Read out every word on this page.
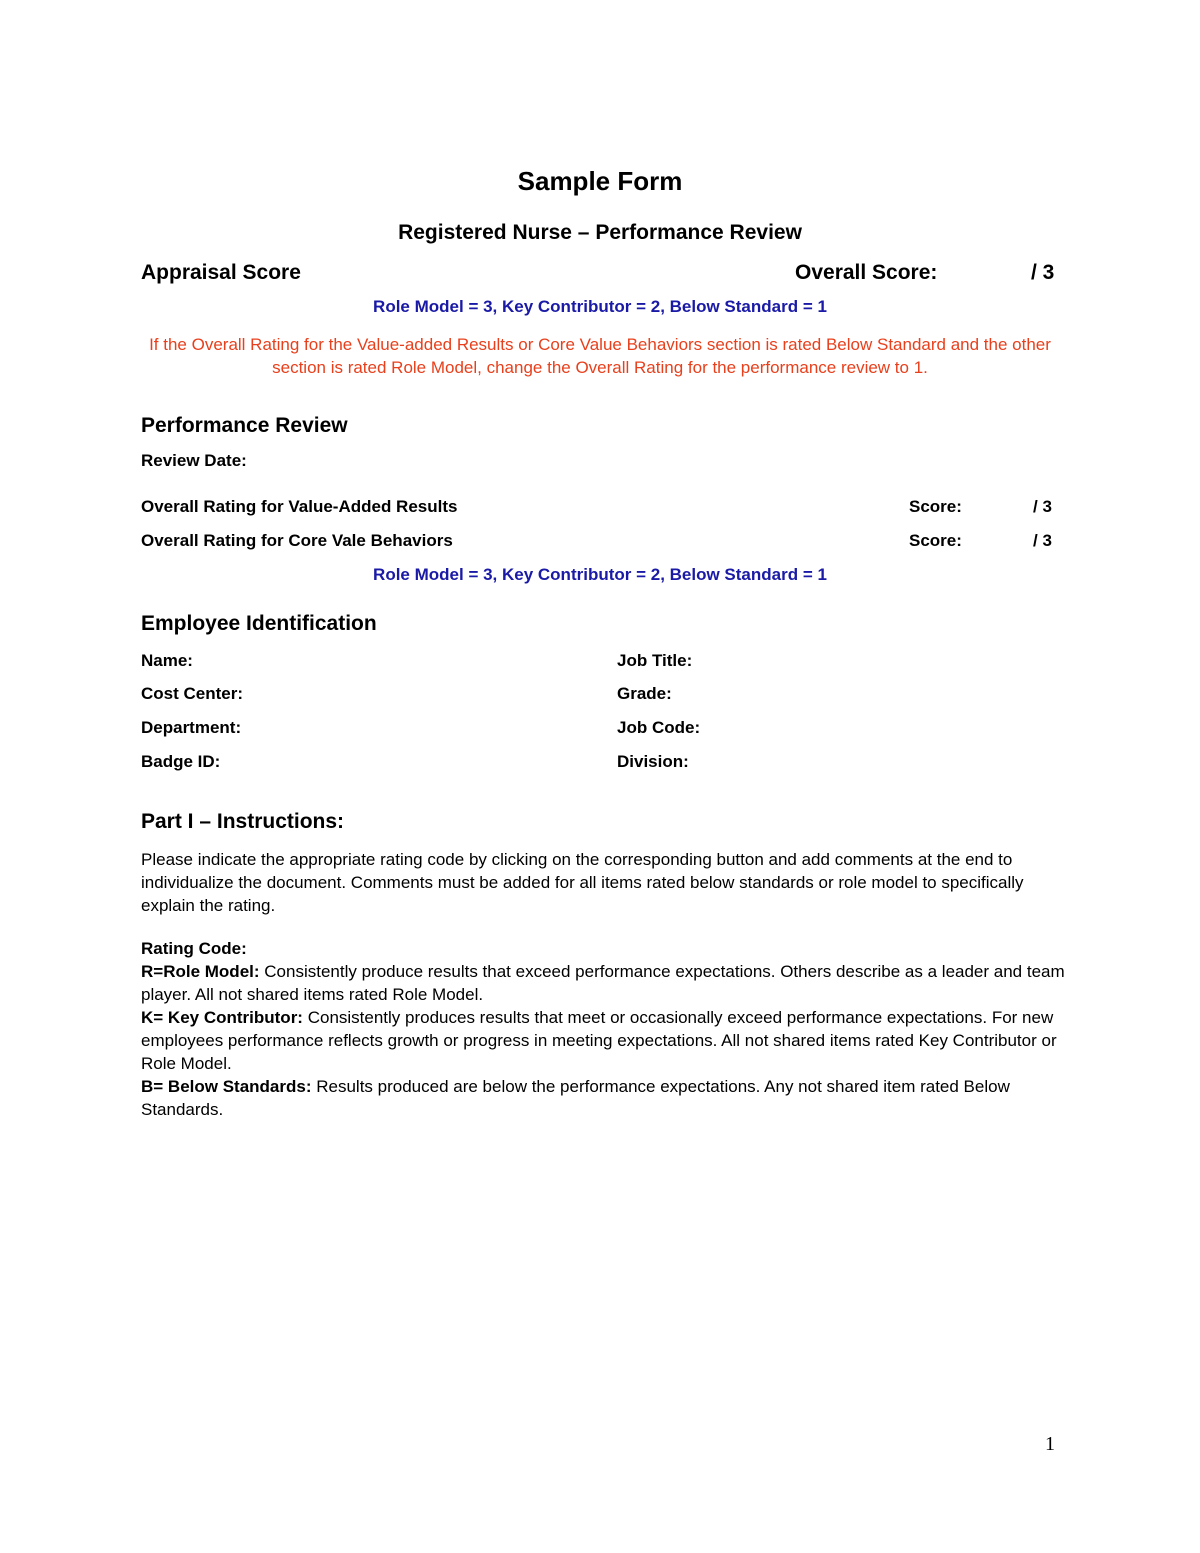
Sample Form
Registered Nurse – Performance Review
Appraisal Score	Overall Score:	/ 3
Role Model = 3, Key Contributor = 2, Below Standard = 1
If the Overall Rating for the Value-added Results or Core Value Behaviors section is rated Below Standard and the other section is rated Role Model, change the Overall Rating for the performance review to 1.
Performance Review
Review Date:
Overall Rating for Value-Added Results	Score:	/ 3
Overall Rating for Core Vale Behaviors	Score:	/ 3
Role Model = 3, Key Contributor = 2, Below Standard = 1
Employee Identification
Name:	Job Title:
Cost Center:	Grade:
Department:	Job Code:
Badge ID:	Division:
Part I – Instructions:
Please indicate the appropriate rating code by clicking on the corresponding button and add comments at the end to individualize the document. Comments must be added for all items rated below standards or role model to specifically explain the rating.
Rating Code:
R=Role Model: Consistently produce results that exceed performance expectations. Others describe as a leader and team player. All not shared items rated Role Model.
K= Key Contributor: Consistently produces results that meet or occasionally exceed performance expectations. For new employees performance reflects growth or progress in meeting expectations. All not shared items rated Key Contributor or Role Model.
B= Below Standards: Results produced are below the performance expectations. Any not shared item rated Below Standards.
1
